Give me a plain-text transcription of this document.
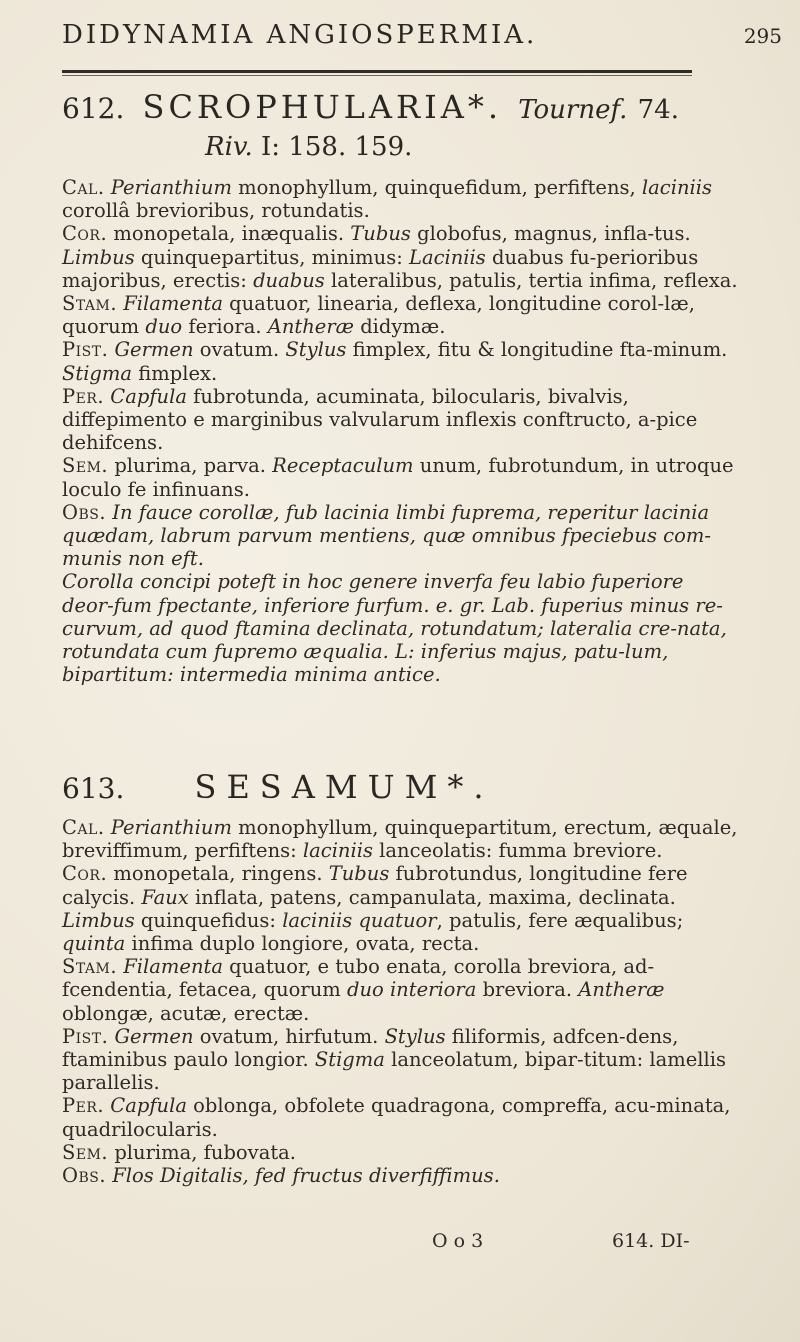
DIDYNAMIA ANGIOSPERMIA.	295
612. SCROPHULARIA*. Tournef. 74.
Riv. I: 158. 159.

Cal. Perianthium monophyllum, quinquefidum, perfiftens, laciniis corollâ brevioribus, rotundatis.

Cor. monopetala, inæqualis. Tubus globofus, magnus, infla-tus. Limbus quinquepartitus, minimus: Laciniis duabus fu-perioribus majoribus, erectis: duabus lateralibus, patulis, tertia infima, reflexa.

Stam. Filamenta quatuor, linearia, deflexa, longitudine corol-læ, quorum duo feriora. Antheræ didymæ.

Pist. Germen ovatum. Stylus fimplex, fitu & longitudine fta-minum. Stigma fimplex.

Per. Capfula fubrotunda, acuminata, bilocularis, bivalvis, diffepimento e marginibus valvularum inflexis conftructo, a-pice dehifcens.

Sem. plurima, parva. Receptaculum unum, fubrotundum, in utroque loculo fe infinuans.

Obs. In fauce corollæ, fub lacinia limbi fuprema, reperitur lacinia quædam, labrum parvum mentiens, quæ omnibus fpeciebus com-munis non eft.

Corolla concipi poteft in hoc genere inverfa feu labio fuperiore deor-fum fpectante, inferiore furfum. e. gr. Lab. fuperius minus re-curvum, ad quod ftamina declinata, rotundatum; lateralia cre-nata, rotundata cum fupremo æqualia. L: inferius majus, patu-lum, bipartitum: intermedia minima antice.

613. SESAMUM*.

Cal. Perianthium monophyllum, quinquepartitum, erectum, æquale, breviffimum, perfiftens: laciniis lanceolatis: fumma breviore.

Cor. monopetala, ringens. Tubus fubrotundus, longitudine fere calycis. Faux inflata, patens, campanulata, maxima, declinata. Limbus quinquefidus: laciniis quatuor, patulis, fere æqualibus; quinta infima duplo longiore, ovata, recta.

Stam. Filamenta quatuor, e tubo enata, corolla breviora, ad-fcendentia, fetacea, quorum duo interiora breviora. Antheræ oblongæ, acutæ, erectæ.

Pist. Germen ovatum, hirfutum. Stylus filiformis, adfcen-dens, ftaminibus paulo longior. Stigma lanceolatum, bipar-titum: lamellis parallelis.

Per. Capfula oblonga, obfolete quadragona, compreffa, acu-minata, quadrilocularis.

Sem. plurima, fubovata.

Obs. Flos Digitalis, fed fructus diverfiffimus.

O o 3	614. DI-
